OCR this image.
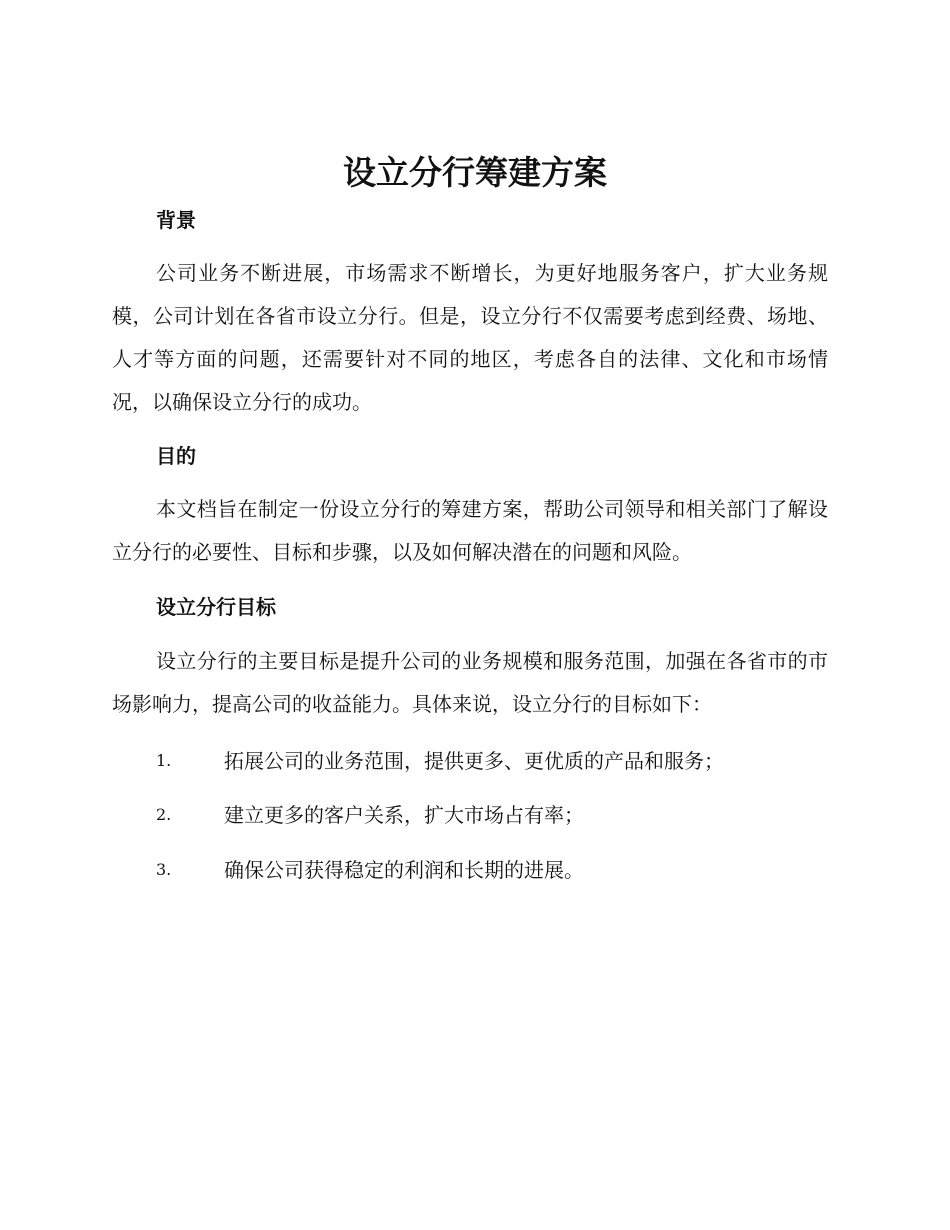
设立分行筹建方案
背景

公司业务不断进展，市场需求不断增长，为更好地服务客户，扩大业务规模，公司计划在各省市设立分行。但是，设立分行不仅需要考虑到经费、场地、人才等方面的问题，还需要针对不同的地区，考虑各自的法律、文化和市场情况，以确保设立分行的成功。

目的

本文档旨在制定一份设立分行的筹建方案，帮助公司领导和相关部门了解设立分行的必要性、目标和步骤，以及如何解决潜在的问题和风险。

设立分行目标

设立分行的主要目标是提升公司的业务规模和服务范围，加强在各省市的市场影响力，提高公司的收益能力。具体来说，设立分行的目标如下：

1.	拓展公司的业务范围，提供更多、更优质的产品和服务；
2.	建立更多的客户关系，扩大市场占有率；
3.	确保公司获得稳定的利润和长期的进展。
